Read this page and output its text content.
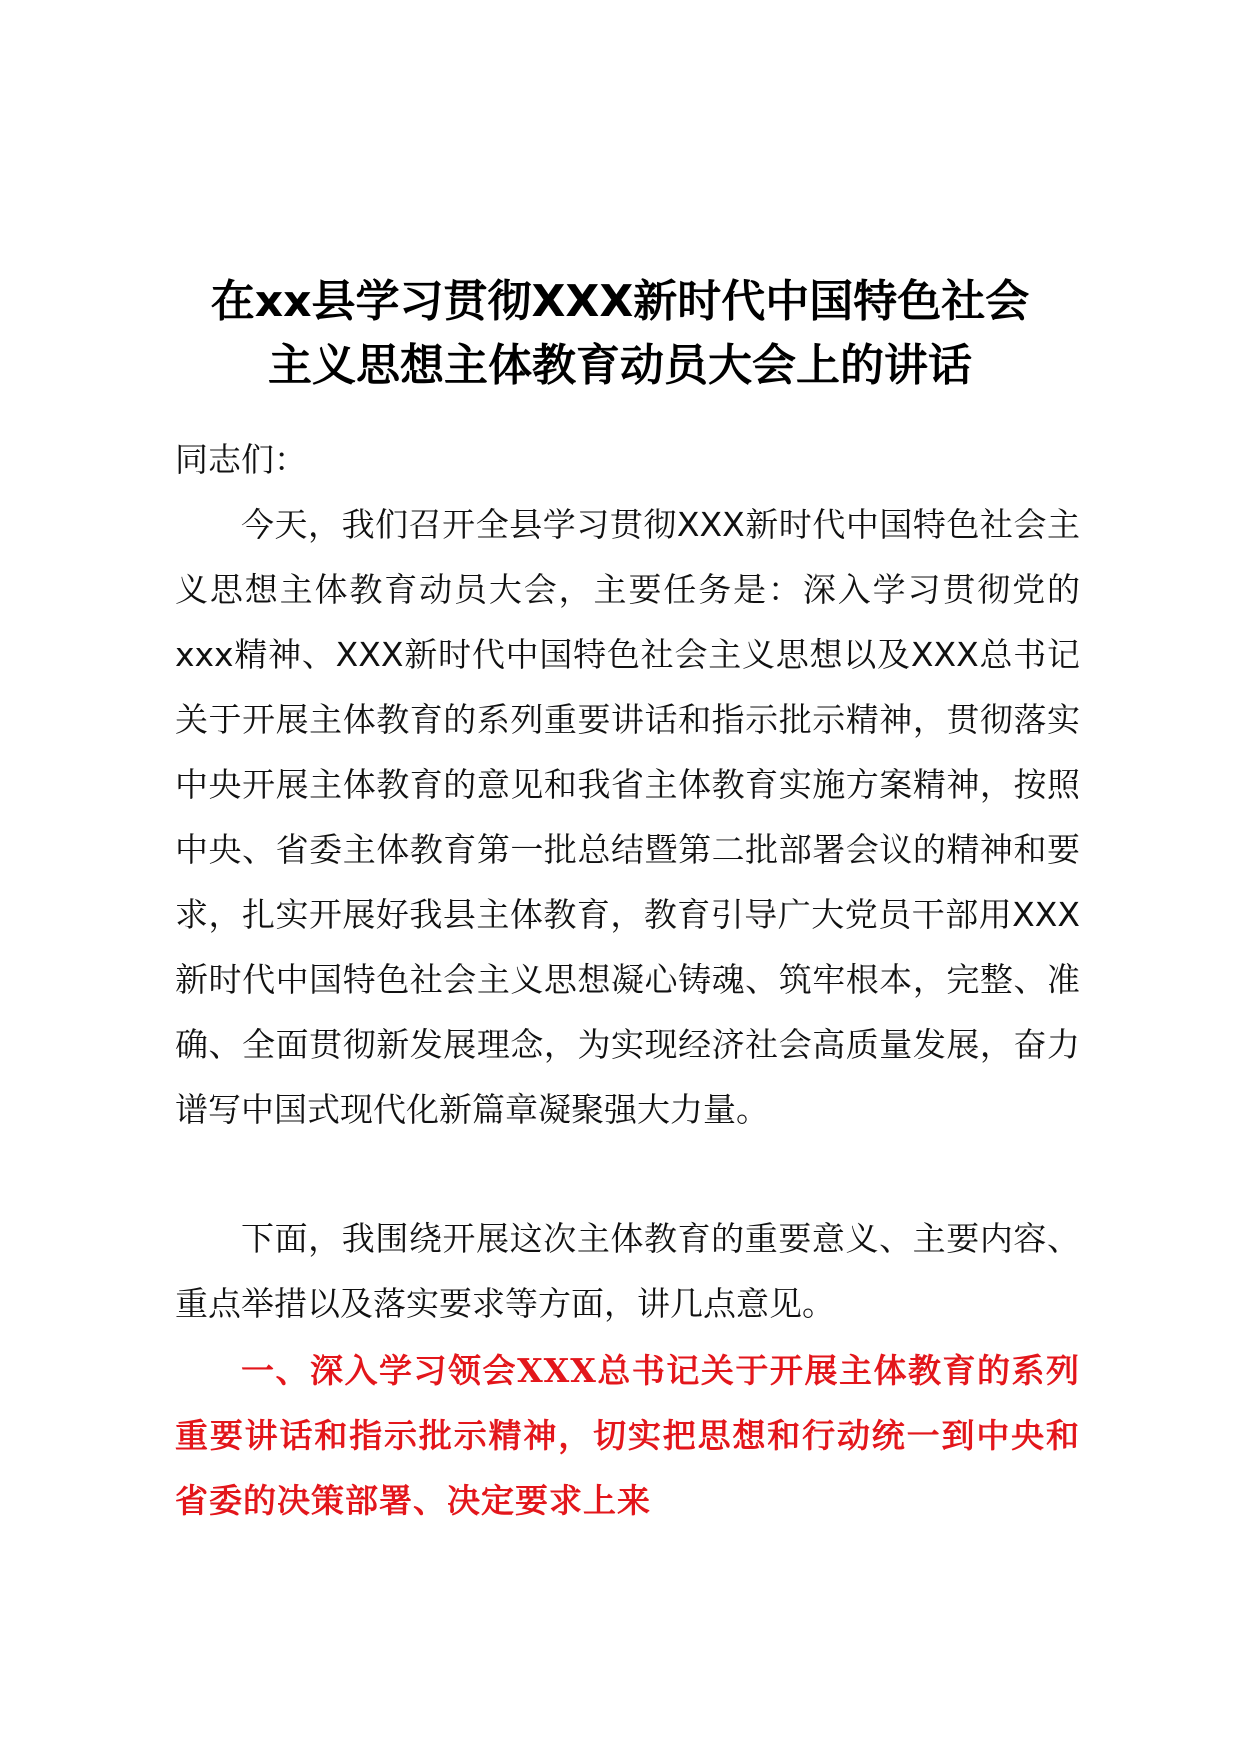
在xx县学习贯彻XXX新时代中国特色社会
主义思想主体教育动员大会上的讲话

同志们：

今天，我们召开全县学习贯彻XXX新时代中国特色社会主义思想主体教育动员大会，主要任务是：深入学习贯彻党的xxx精神、XXX新时代中国特色社会主义思想以及XXX总书记关于开展主体教育的系列重要讲话和指示批示精神，贯彻落实中央开展主体教育的意见和我省主体教育实施方案精神，按照中央、省委主体教育第一批总结暨第二批部署会议的精神和要求，扎实开展好我县主体教育，教育引导广大党员干部用XXX新时代中国特色社会主义思想凝心铸魂、筑牢根本，完整、准确、全面贯彻新发展理念，为实现经济社会高质量发展，奋力谱写中国式现代化新篇章凝聚强大力量。

下面，我围绕开展这次主体教育的重要意义、主要内容、重点举措以及落实要求等方面，讲几点意见。

一、深入学习领会XXX总书记关于开展主体教育的系列重要讲话和指示批示精神，切实把思想和行动统一到中央和省委的决策部署、决定要求上来
